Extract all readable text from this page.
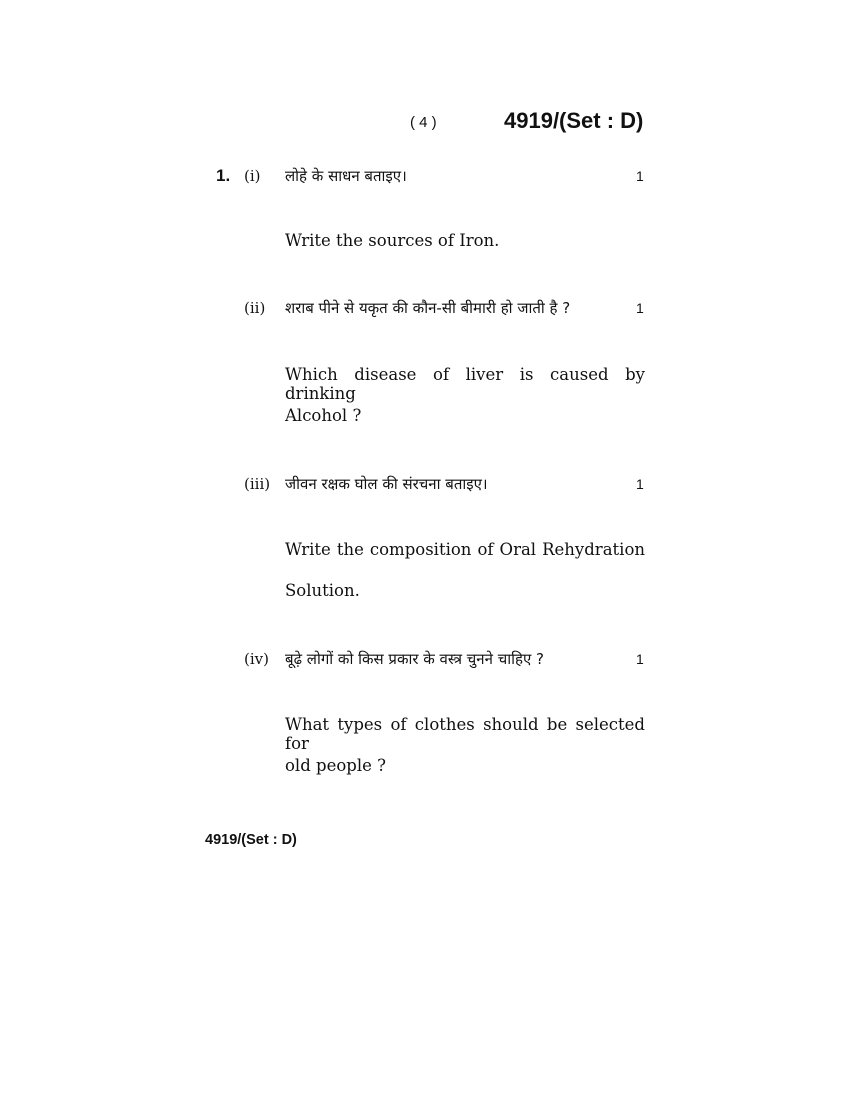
( 4 )	4919/(Set : D)
1. (i) लोहे के साधन बताइए।	1
Write the sources of Iron.
(ii) शराब पीने से यकृत की कौन-सी बीमारी हो जाती है ?	1
Which disease of liver is caused by drinking
Alcohol ?
(iii) जीवन रक्षक घोल की संरचना बताइए।	1
Write the composition of Oral Rehydration
Solution.
(iv) बूढ़े लोगों को किस प्रकार के वस्त्र चुनने चाहिए ?	1
What types of clothes should be selected for
old people ?
4919/(Set : D)
